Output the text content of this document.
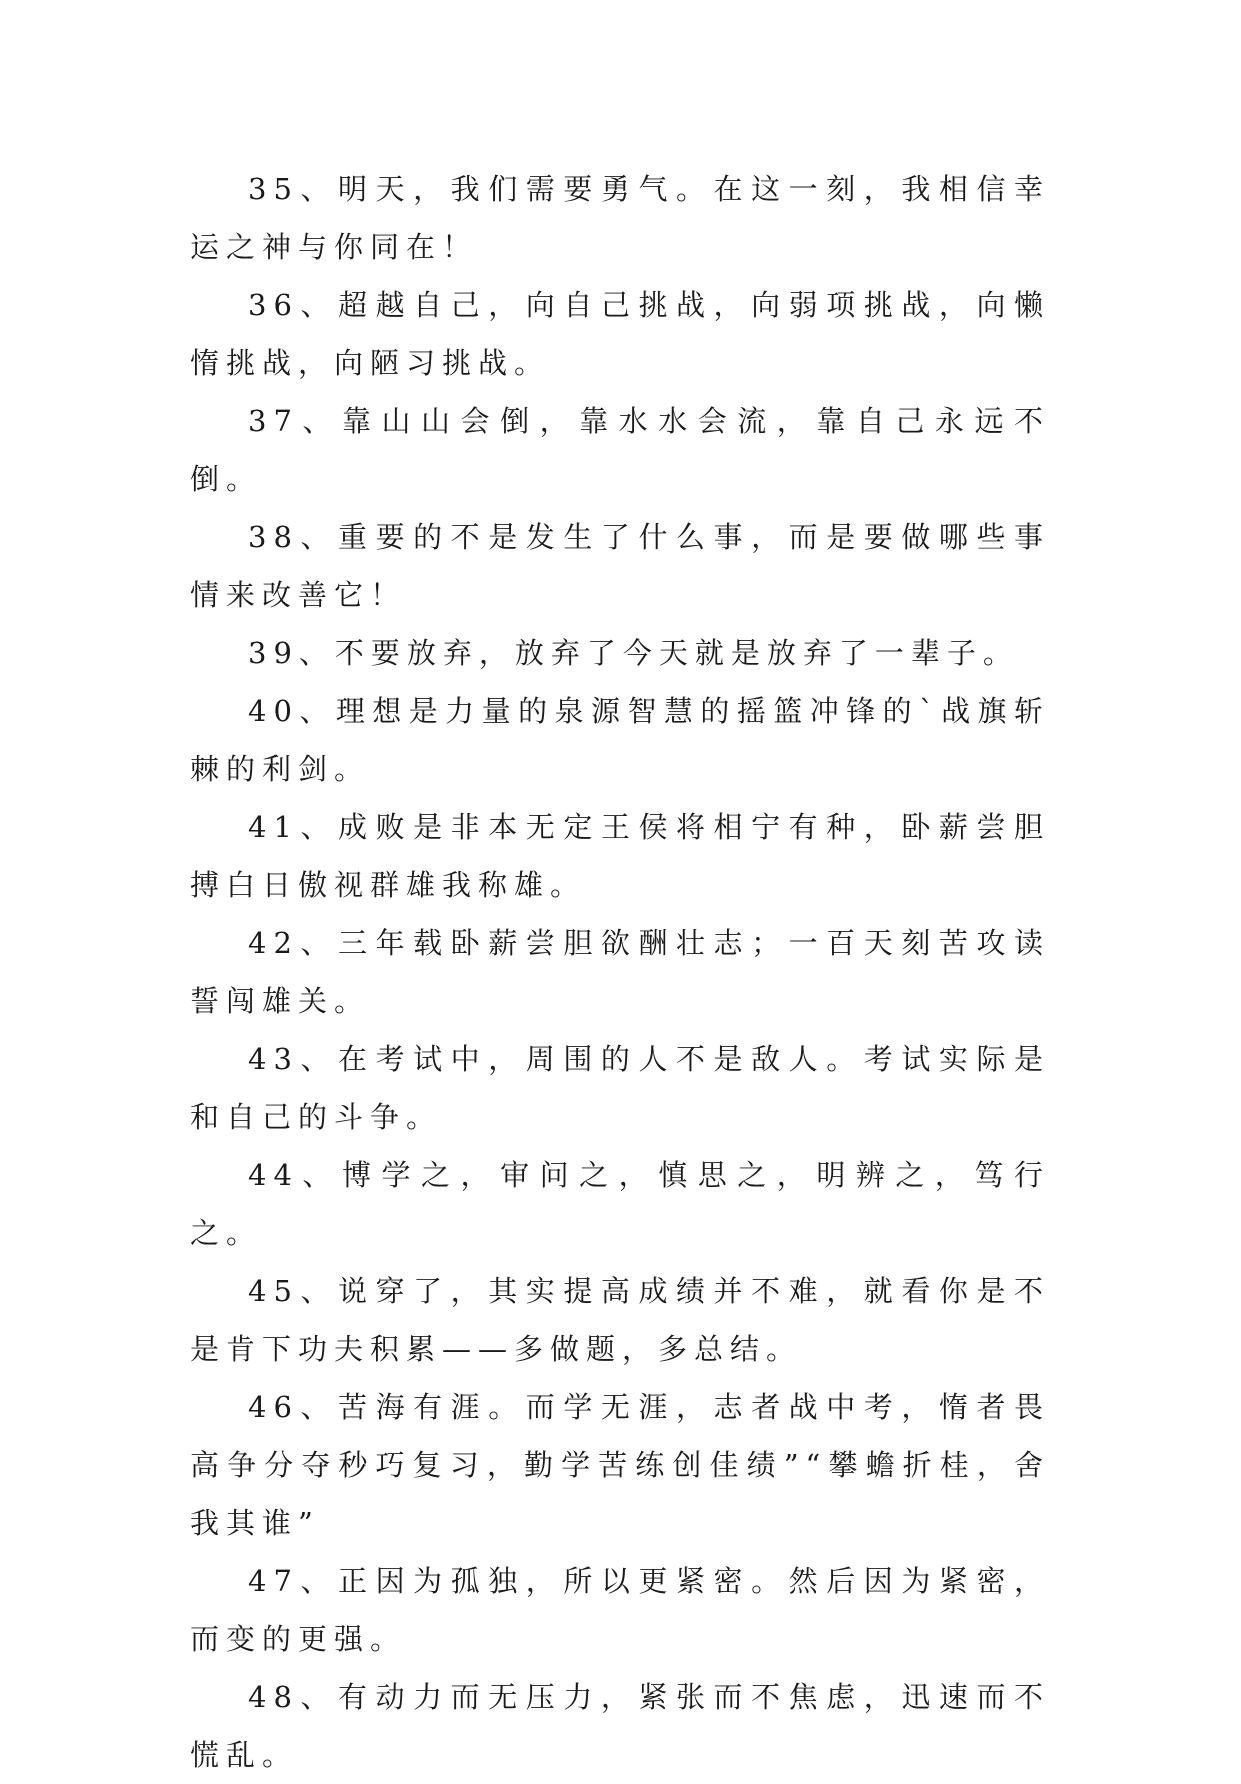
35、明天，我们需要勇气。在这一刻，我相信幸运之神与你同在！

36、超越自己，向自己挑战，向弱项挑战，向懒惰挑战，向陋习挑战。

37、靠山山会倒，靠水水会流，靠自己永远不倒。

38、重要的不是发生了什么事，而是要做哪些事情来改善它！

39、不要放弃，放弃了今天就是放弃了一辈子。

40、理想是力量的泉源智慧的摇篮冲锋的`战旗斩棘的利剑。

41、成败是非本无定王侯将相宁有种，卧薪尝胆搏白日傲视群雄我称雄。

42、三年载卧薪尝胆欲酬壮志；一百天刻苦攻读誓闯雄关。

43、在考试中，周围的人不是敌人。考试实际是和自己的斗争。

44、博学之，审问之，慎思之，明辨之，笃行之。

45、说穿了，其实提高成绩并不难，就看你是不是肯下功夫积累——多做题，多总结。

46、苦海有涯。而学无涯，志者战中考，惰者畏高争分夺秒巧复习，勤学苦练创佳绩”“攀蟾折桂，舍我其谁”

47、正因为孤独，所以更紧密。然后因为紧密，而变的更强。

48、有动力而无压力，紧张而不焦虑，迅速而不慌乱。
